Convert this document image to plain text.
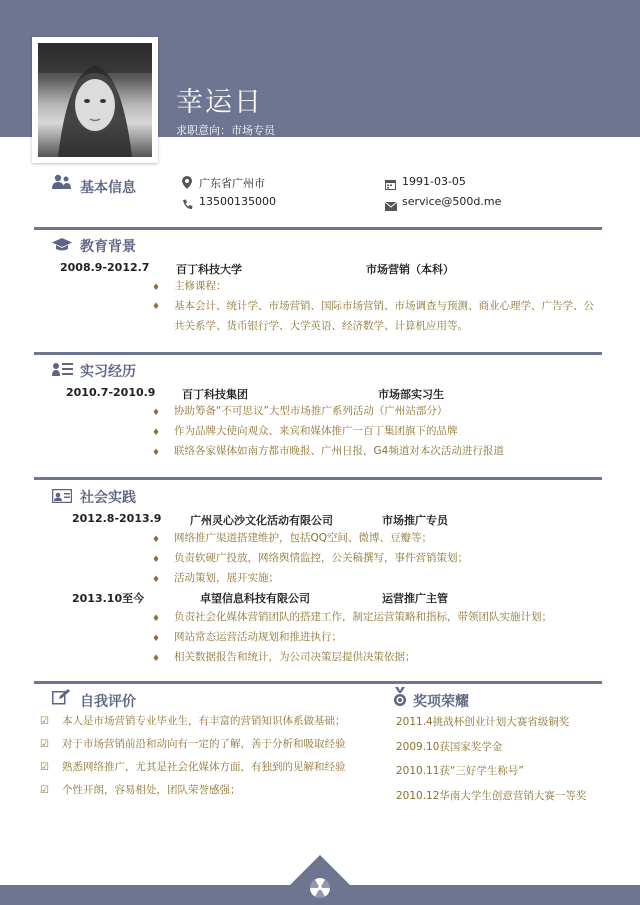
幸运日
求职意向：市场专员
基本信息	广东省广州市
13500135000
1991-03-05
service@500d.me
教育背景
2008.9-2012.7 百丁科技大学	市场营销（本科）
♦ 主修课程：
♦ 基本会计、统计学、市场营销、国际市场营销、市场调查与预测、商业心理学、广告学、公共关系学、货币银行学、大学英语、经济数学、计算机应用等。
实习经历
2010.7-2010.9 百丁科技集团	市场部实习生
♦ 协助筹备“不可思议”大型市场推广系列活动（广州站部分）
♦ 作为品牌大使向观众、来宾和媒体推广一百丁集团旗下的品牌
♦ 联络各家媒体如南方都市晚报、广州日报，G4频道对本次活动进行报道
社会实践
2012.8-2013.9	广州灵心沙文化活动有限公司	市场推广专员
♦ 网络推广渠道搭建维护，包括QQ空间、微博、豆瓣等；
♦ 负责软硬广投放，网络舆情监控，公关稿撰写，事件营销策划；
♦ 活动策划，展开实施；
2013.10至今	卓望信息科技有限公司	运营推广主管
♦ 负责社会化媒体营销团队的搭建工作，制定运营策略和指标，带领团队实施计划；
♦ 网站常态运营活动规划和推进执行；
♦ 相关数据报告和统计，为公司决策层提供决策依据；
自我评价
☑ 本人是市场营销专业毕业生，有丰富的营销知识体系做基础；
☑ 对于市场营销前沿和动向有一定的了解，善于分析和吸取经验
☑ 熟悉网络推广，尤其是社会化媒体方面，有独到的见解和经验
☑ 个性开朗，容易相处，团队荣誉感强；
奖项荣耀
2011.4挑战杯创业计划大赛省级铜奖
2009.10获国家奖学金
2010.11获“三好学生称号”
2010.12华南大学生创意营销大赛一等奖
